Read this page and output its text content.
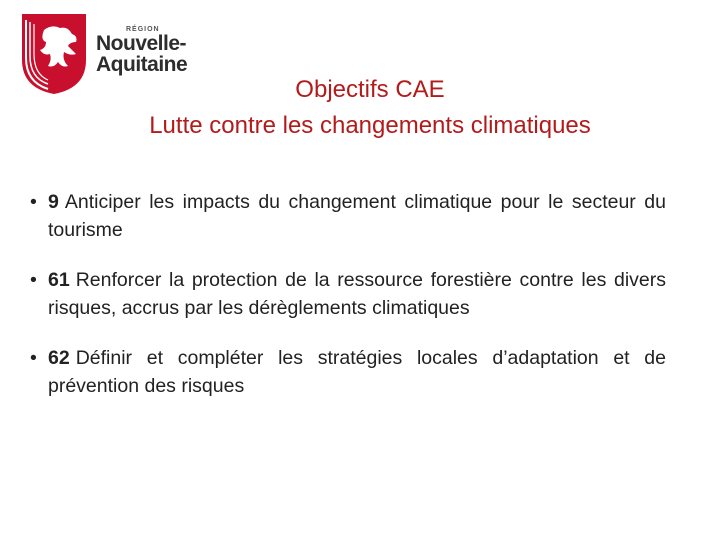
RÉGION
Nouvelle-
Aquitaine
Objectifs CAE
Lutte contre les changements climatiques
• 9 Anticiper les impacts du changement climatique pour le secteur du tourisme
• 61 Renforcer la protection de la ressource forestière contre les divers risques, accrus par les dérèglements climatiques
• 62 Définir et compléter les stratégies locales d’adaptation et de prévention des risques
